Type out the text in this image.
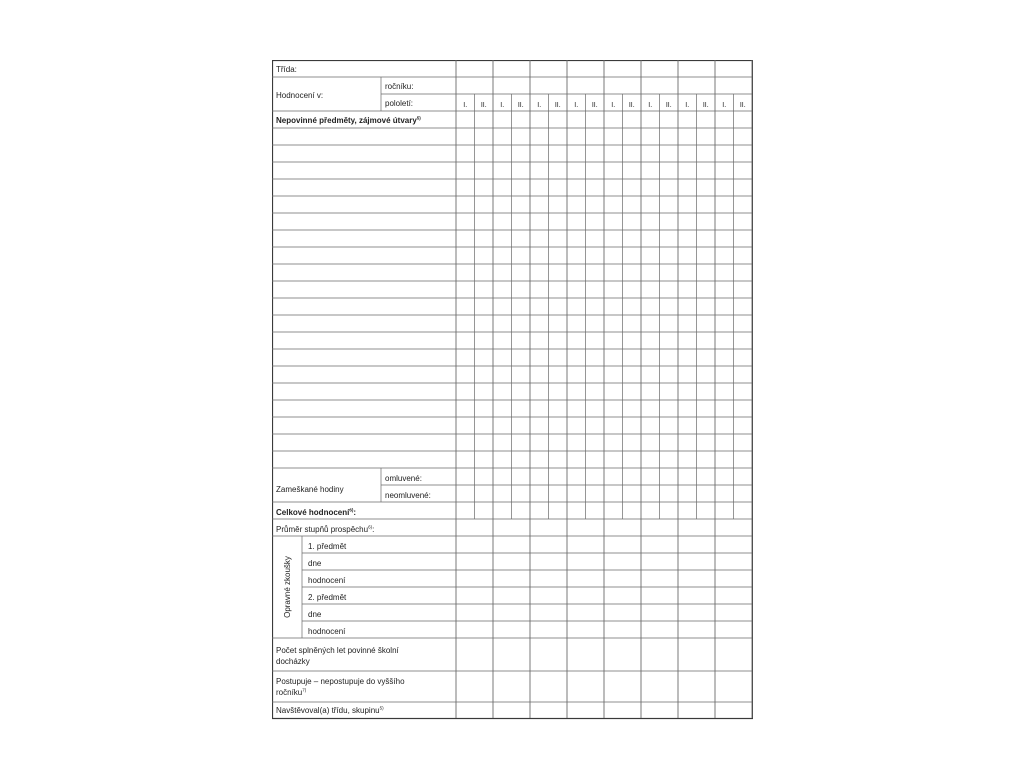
Třída:
Hodnocení v:
ročníku:
pololetí:	I. II. I. II. I. II. I. II. I. II. I. II. I. II. I. II.
Nepovinné předměty, zájmové útvary$^{5)}$
Zameškané hodiny
omluvené:
neomluvené:
Celkové hodnocení$^{6)}$:
Průměr stupňů prospěchu$^{6)}$:
Opravné zkoušky
1. předmět
dne
hodnocení
2. předmět
dne
hodnocení
Počet splněných let povinné školní
docházky
Postupuje – nepostupuje do vyššího
ročníku$^{7)}$
Navštěvoval(a) třídu, skupinu$^{5)}$
